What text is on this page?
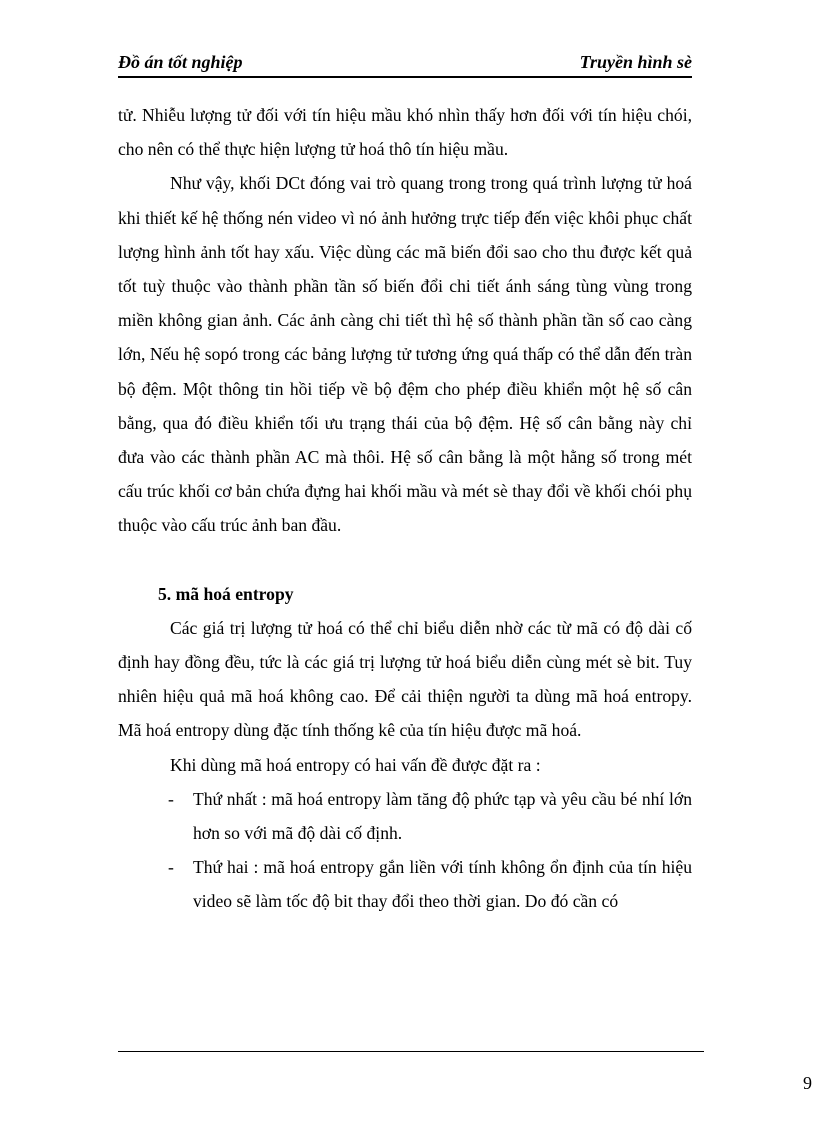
Đồ án tốt nghiệp	Truyền hình sè

tử. Nhiễu lượng tử đối với tín hiệu mầu khó nhìn thấy hơn đối với tín hiệu chói, cho nên có thể thực hiện lượng tử hoá thô tín hiệu mầu.

Như vậy, khối DCt đóng vai trò quang trong trong quá trình lượng tử hoá khi thiết kế hệ thống nén video vì nó ảnh hưởng trực tiếp đến việc khôi phục chất lượng hình ảnh tốt hay xấu. Việc dùng các mã biến đổi sao cho thu được kết quả tốt tuỳ thuộc vào thành phần tần số biến đổi chi tiết ánh sáng tùng vùng trong miền không gian ảnh. Các ảnh càng chi tiết thì hệ số thành phần tần số cao càng lớn, Nếu hệ sopó trong các bảng lượng tử tương ứng quá thấp có thể dẫn đến tràn bộ đệm. Một thông tin hồi tiếp về bộ đệm cho phép điều khiển một hệ số cân bằng, qua đó điều khiển tối ưu trạng thái của bộ đệm. Hệ số cân bằng này chỉ đưa vào các thành phần AC mà thôi. Hệ số cân bằng là một hằng số trong mét cấu trúc khối cơ bản chứa đựng hai khối mầu và mét sè thay đổi về khối chói phụ thuộc vào cấu trúc ảnh ban đầu.

5. mã hoá entropy

Các giá trị lượng tử hoá có thể chỉ biểu diễn nhờ các từ mã có độ dài cố định hay đồng đều, tức là các giá trị lượng tử hoá biểu diễn cùng mét sè bit. Tuy nhiên hiệu quả mã hoá không cao. Để cải thiện người ta dùng mã hoá entropy. Mã hoá entropy dùng đặc tính thống kê của tín hiệu được mã hoá.

Khi dùng mã hoá entropy có hai vấn đề được đặt ra :

- Thứ nhất : mã hoá entropy làm tăng độ phức tạp và yêu cầu bé nhí lớn hơn so với mã độ dài cố định.

- Thứ hai : mã hoá entropy gắn liền với tính không ổn định của tín hiệu video sẽ làm tốc độ bit thay đổi theo thời gian. Do đó cần có

9
